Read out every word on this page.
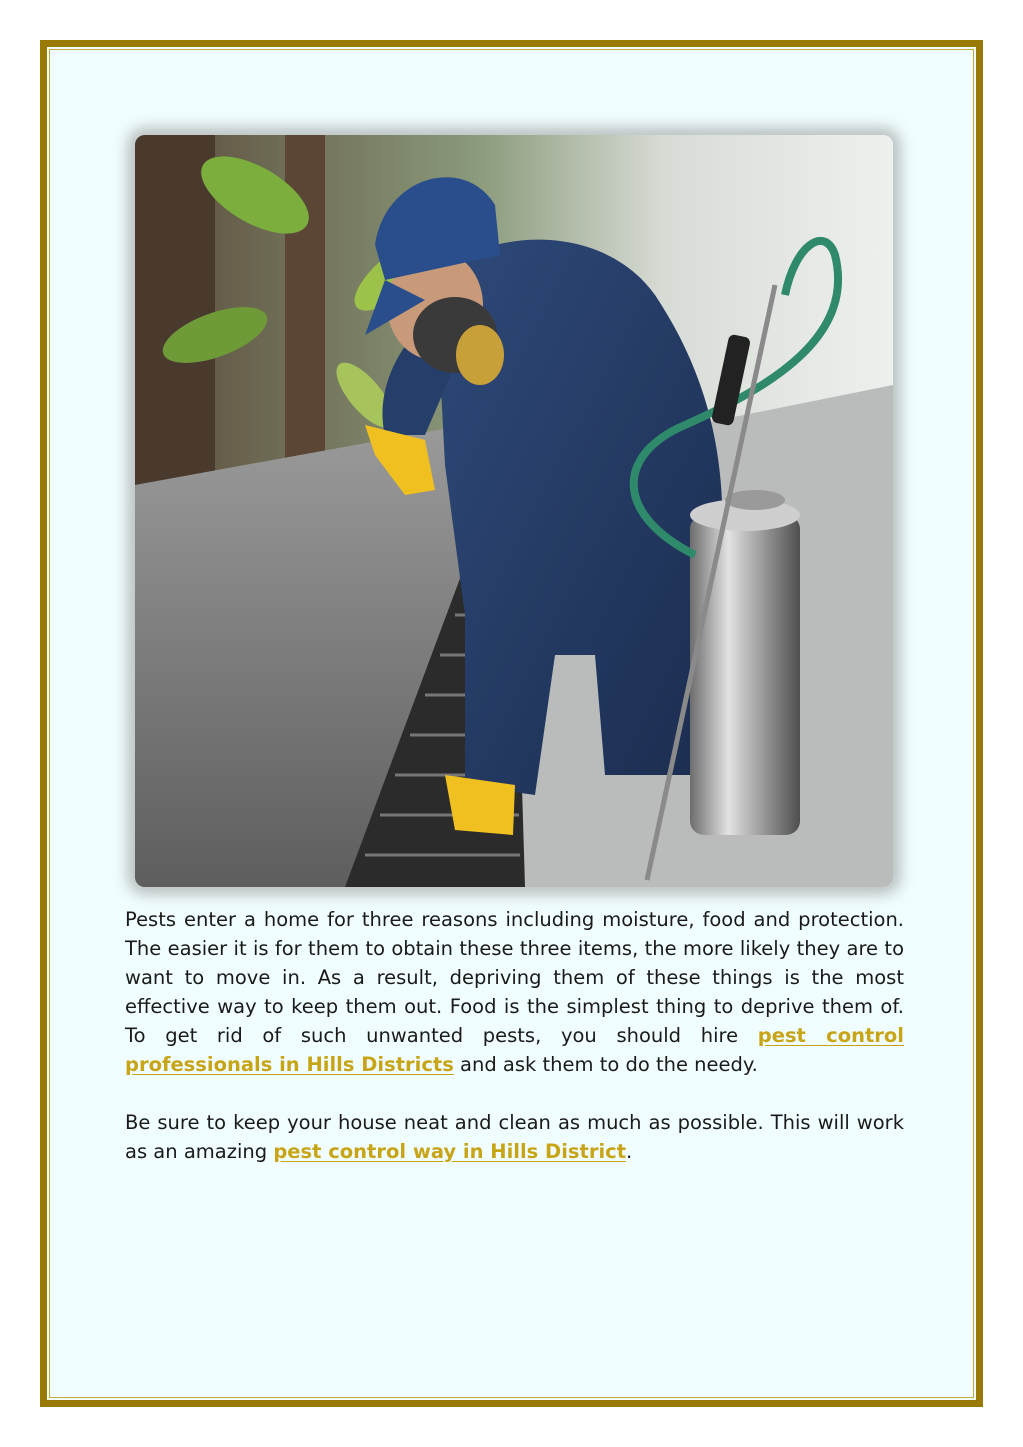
Pests enter a home for three reasons including moisture, food and protection. The easier it is for them to obtain these three items, the more likely they are to want to move in. As a result, depriving them of these things is the most effective way to keep them out. Food is the simplest thing to deprive them of. To get rid of such unwanted pests, you should hire pest control professionals in Hills Districts and ask them to do the needy.

Be sure to keep your house neat and clean as much as possible. This will work as an amazing pest control way in Hills District.
